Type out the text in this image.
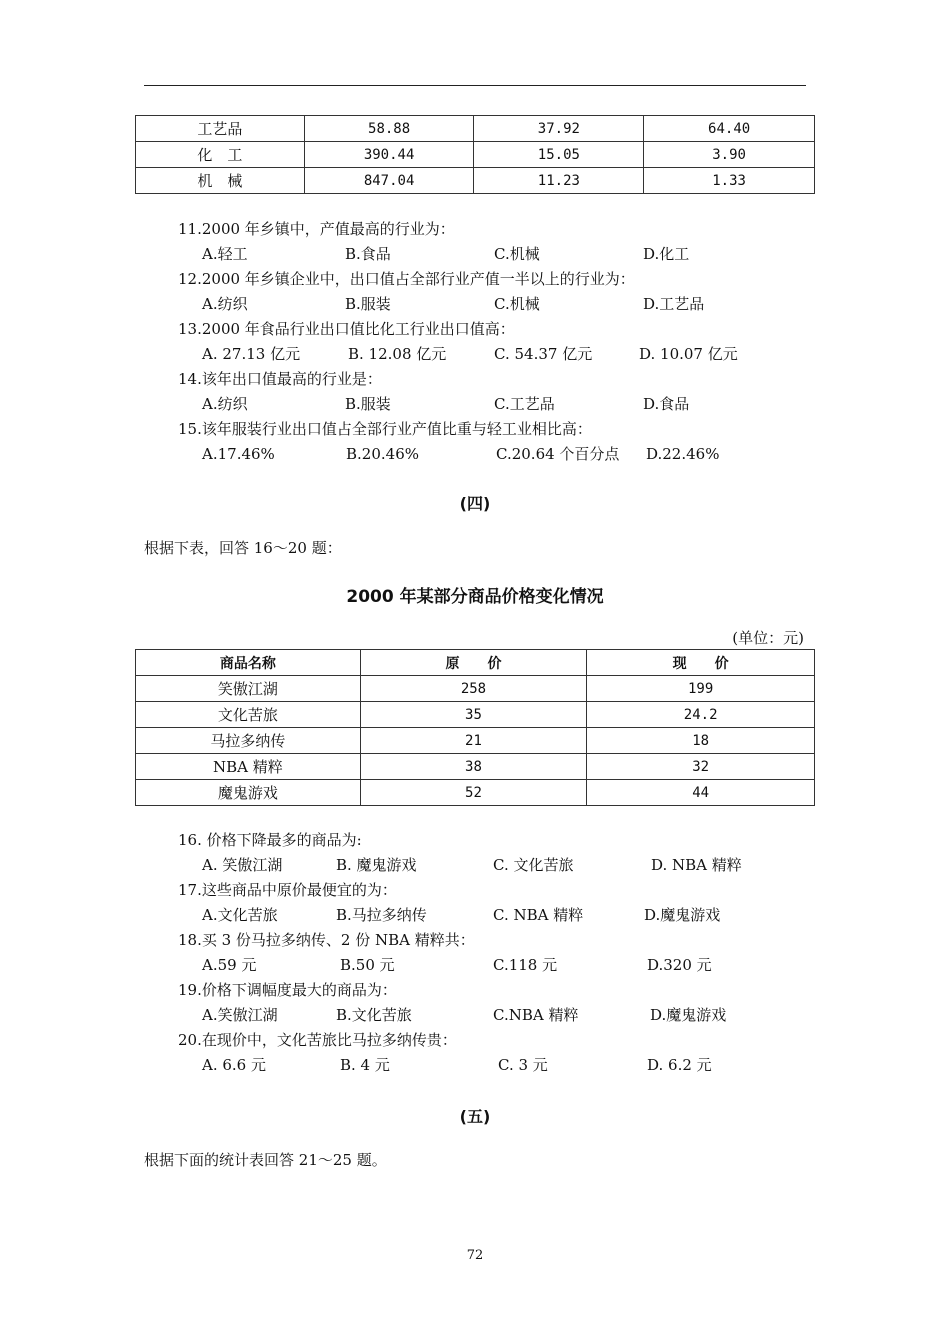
工艺品	58.88	37.92	64.40
化　工	390.44	15.05	3.90
机　械	847.04	11.23	1.33
11.2000 年乡镇中，产值最高的行业为：
A.轻工	B.食品	C.机械	D.化工
12.2000 年乡镇企业中，出口值占全部行业产值一半以上的行业为：
A.纺织	B.服装	C.机械	D.工艺品
13.2000 年食品行业出口值比化工行业出口值高：
A. 27.13 亿元	B. 12.08 亿元	C. 54.37 亿元	D. 10.07 亿元
14.该年出口值最高的行业是：
A.纺织	B.服装	C.工艺品	D.食品
15.该年服装行业出口值占全部行业产值比重与轻工业相比高：
A.17.46%	B.20.46%	C.20.64 个百分点 D.22.46%
(四)
根据下表，回答 16～20 题：
2000 年某部分商品价格变化情况
(单位：元)
商品名称	原　　价	现　　价
笑傲江湖	258	199
文化苦旅	35	24.2
马拉多纳传	21	18
NBA 精粹	38	32
魔鬼游戏	52	44
16. 价格下降最多的商品为:
A. 笑傲江湖	B. 魔鬼游戏	C. 文化苦旅	D. NBA 精粹
17.这些商品中原价最便宜的为：
A.文化苦旅	B.马拉多纳传	C. NBA 精粹	D.魔鬼游戏
18.买 3 份马拉多纳传、2 份 NBA 精粹共：
A.59 元	B.50 元	C.118 元	D.320 元
19.价格下调幅度最大的商品为：
A.笑傲江湖	B.文化苦旅	C.NBA 精粹	D.魔鬼游戏
20.在现价中，文化苦旅比马拉多纳传贵：
A. 6.6 元	B. 4 元	C. 3 元	D. 6.2 元
(五)
根据下面的统计表回答 21～25 题。
72
